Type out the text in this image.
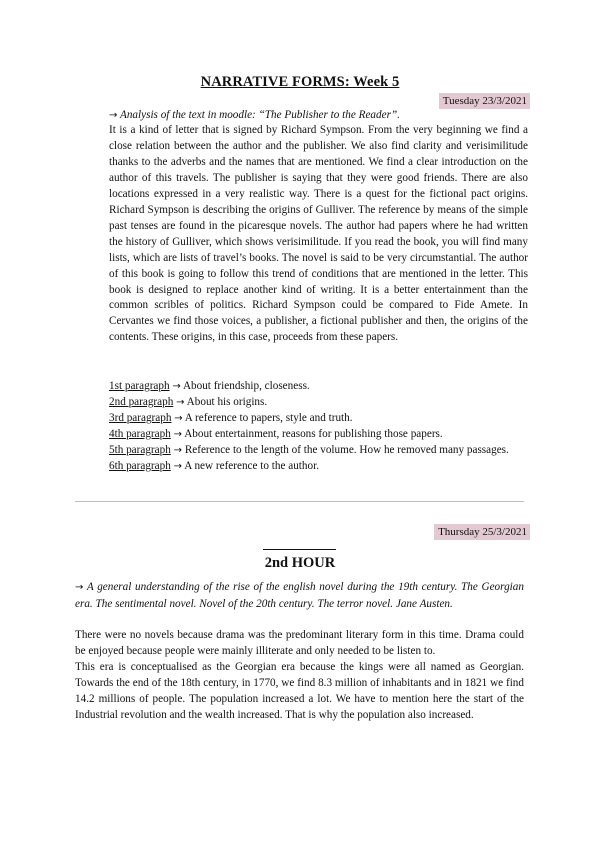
NARRATIVE FORMS: Week 5
Tuesday 23/3/2021
→ Analysis of the text in moodle: “The Publisher to the Reader”.

It is a kind of letter that is signed by Richard Sympson. From the very beginning we find a close relation between the author and the publisher. We also find clarity and verisimilitude thanks to the adverbs and the names that are mentioned. We find a clear introduction on the author of this travels. The publisher is saying that they were good friends. There are also locations expressed in a very realistic way. There is a quest for the fictional pact origins. Richard Sympson is describing the origins of Gulliver. The reference by means of the simple past tenses are found in the picaresque novels. The author had papers where he had written the history of Gulliver, which shows verisimilitude. If you read the book, you will find many lists, which are lists of travel’s books. The novel is said to be very circumstantial. The author of this book is going to follow this trend of conditions that are mentioned in the letter. This book is designed to replace another kind of writing. It is a better entertainment than the common scribles of politics. Richard Sympson could be compared to Fide Amete. In Cervantes we find those voices, a publisher, a fictional publisher and then, the origins of the contents. These origins, in this case, proceeds from these papers.

1st paragraph → About friendship, closeness.
2nd paragraph → About his origins.
3rd paragraph → A reference to papers, style and truth.
4th paragraph → About entertainment, reasons for publishing those papers.
5th paragraph → Reference to the length of the volume. How he removed many passages.
6th paragraph → A new reference to the author.
Thursday 25/3/2021
2nd HOUR

→ A general understanding of the rise of the english novel during the 19th century. The Georgian era. The sentimental novel. Novel of the 20th century. The terror novel. Jane Austen.

There were no novels because drama was the predominant literary form in this time. Drama could be enjoyed because people were mainly illiterate and only needed to be listen to.

This era is conceptualised as the Georgian era because the kings were all named as Georgian. Towards the end of the 18th century, in 1770, we find 8.3 million of inhabitants and in 1821 we find 14.2 millions of people. The population increased a lot. We have to mention here the start of the Industrial revolution and the wealth increased. That is why the population also increased.
